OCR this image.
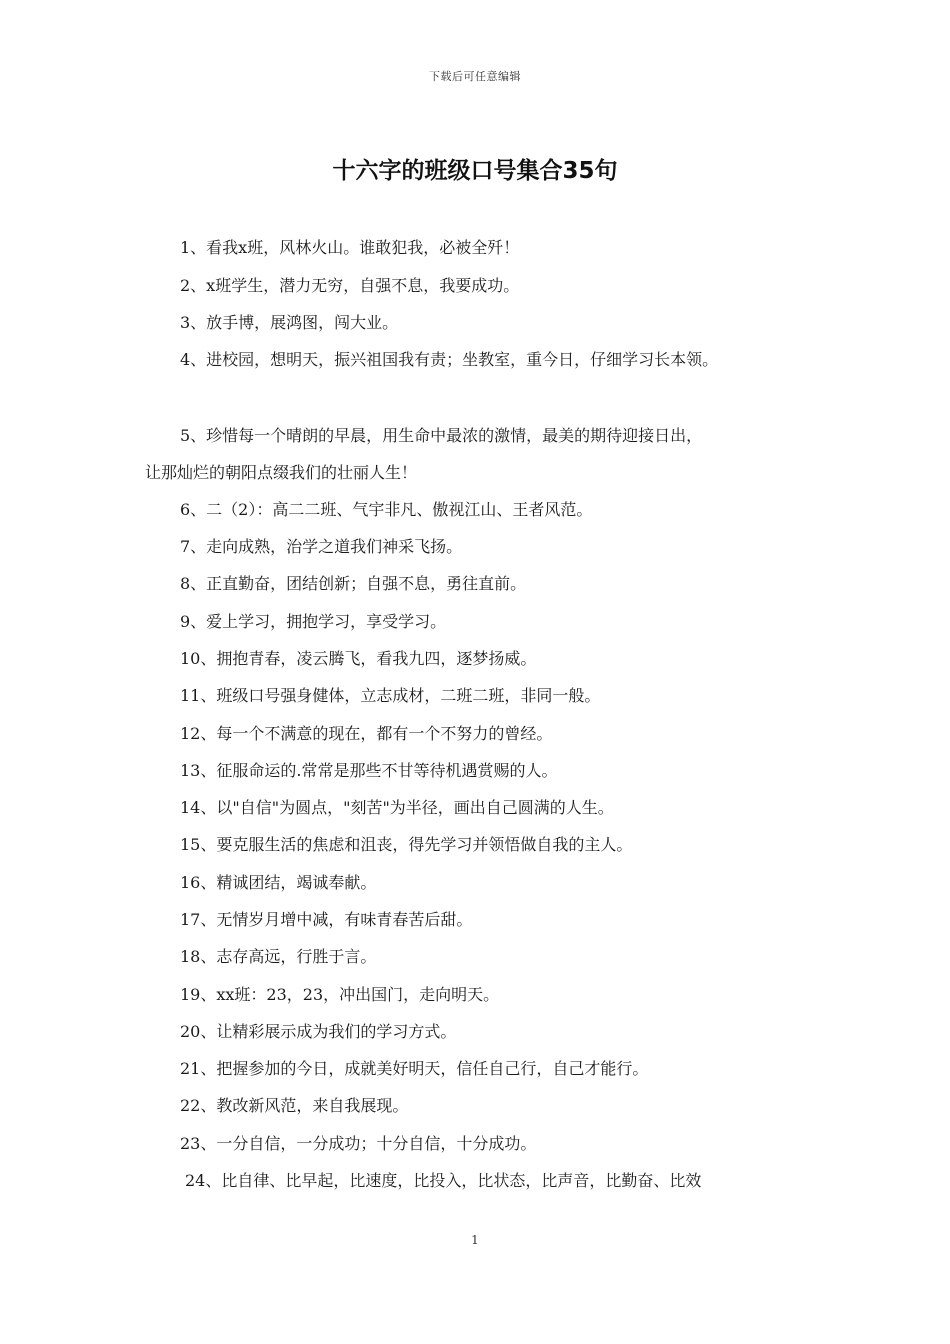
下载后可任意编辑
十六字的班级口号集合35句
1、看我x班，风林火山。谁敢犯我，必被全歼！
2、x班学生，潜力无穷，自强不息，我要成功。
3、放手博，展鸿图，闯大业。
4、进校园，想明天，振兴祖国我有责；坐教室，重今日，仔细学习长本领。
5、珍惜每一个晴朗的早晨，用生命中最浓的激情，最美的期待迎接日出，
让那灿烂的朝阳点缀我们的壮丽人生！
6、二（2）：高二二班、气宇非凡、傲视江山、王者风范。
7、走向成熟，治学之道我们神采飞扬。
8、正直勤奋，团结创新；自强不息，勇往直前。
9、爱上学习，拥抱学习，享受学习。
10、拥抱青春，凌云腾飞，看我九四，逐梦扬威。
11、班级口号强身健体，立志成材，二班二班，非同一般。
12、每一个不满意的现在，都有一个不努力的曾经。
13、征服命运的.常常是那些不甘等待机遇赏赐的人。
14、以"自信"为圆点，"刻苦"为半径，画出自己圆满的人生。
15、要克服生活的焦虑和沮丧，得先学习并领悟做自我的主人。
16、精诚团结，竭诚奉献。
17、无情岁月增中减，有味青春苦后甜。
18、志存高远，行胜于言。
19、xx班：23，23，冲出国门，走向明天。
20、让精彩展示成为我们的学习方式。
21、把握参加的今日，成就美好明天，信任自己行，自己才能行。
22、教改新风范，来自我展现。
23、一分自信，一分成功；十分自信，十分成功。
24、比自律、比早起，比速度，比投入，比状态，比声音，比勤奋、比效
1
